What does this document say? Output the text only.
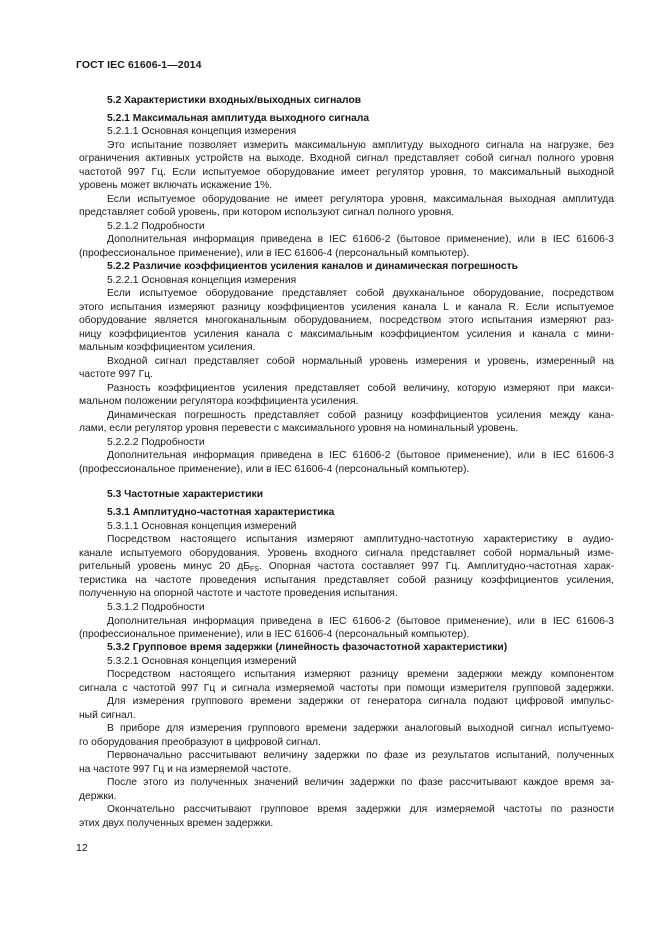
ГОСТ IEC 61606-1—2014
5.2 Характеристики входных/выходных сигналов
5.2.1 Максимальная амплитуда выходного сигнала
5.2.1.1 Основная концепция измерения
Это испытание позволяет измерить максимальную амплитуду выходного сигнала на нагрузке, без
ограничения активных устройств на выходе. Входной сигнал представляет собой сигнал полного уровня
частотой 997 Гц. Если испытуемое оборудование имеет регулятор уровня, то максимальный выходной
уровень может включать искажение 1%.
Если испытуемое оборудование не имеет регулятора уровня, максимальная выходная амплитуда
представляет собой уровень, при котором используют сигнал полного уровня.
5.2.1.2 Подробности
Дополнительная информация приведена в IEC 61606-2 (бытовое применение), или в IEC 61606-3
(профессиональное применение), или в IEC 61606-4 (персональный компьютер).
5.2.2 Различие коэффициентов усиления каналов и динамическая погрешность
5.2.2.1 Основная концепция измерения
Если испытуемое оборудование представляет собой двухканальное оборудование, посредством
этого испытания измеряют разницу коэффициентов усиления канала L и канала R. Если испытуемое
оборудование является многоканальным оборудованием, посредством этого испытания измеряют раз-
ницу коэффициентов усиления канала с максимальным коэффициентом усиления и канала с мини-
мальным коэффициентом усиления.
Входной сигнал представляет собой нормальный уровень измерения и уровень, измеренный на
частоте 997 Гц.
Разность коэффициентов усиления представляет собой величину, которую измеряют при макси-
мальном положении регулятора коэффициента усиления.
Динамическая погрешность представляет собой разницу коэффициентов усиления между кана-
лами, если регулятор уровня перевести с максимального уровня на номинальный уровень.
5.2.2.2 Подробности
Дополнительная информация приведена в IEC 61606-2 (бытовое применение), или в IEC 61606-3
(профессиональное применение), или в IEC 61606-4 (персональный компьютер).
5.3 Частотные характеристики
5.3.1 Амплитудно-частотная характеристика
5.3.1.1 Основная концепция измерений
Посредством настоящего испытания измеряют амплитудно-частотную характеристику в аудио-
канале испытуемого оборудования. Уровень входного сигнала представляет собой нормальный изме-
рительный уровень минус 20 $дБ_{FS}$. Опорная частота составляет 997 Гц. Амплитудно-частотная харак-
теристика на частоте проведения испытания представляет собой разницу коэффициентов усиления,
полученную на опорной частоте и частоте проведения испытания.
5.3.1.2 Подробности
Дополнительная информация приведена в IEC 61606-2 (бытовое применение), или в IEC 61606-3
(профессиональное применение), или в IEC 61606-4 (персональный компьютер).
5.3.2 Групповое время задержки (линейность фазочастотной характеристики)
5.3.2.1 Основная концепция измерений
Посредством настоящего испытания измеряют разницу времени задержки между компонентом
сигнала с частотой 997 Гц и сигнала измеряемой частоты при помощи измерителя групповой задержки.
Для измерения группового времени задержки от генератора сигнала подают цифровой импульс-
ный сигнал.
В приборе для измерения группового времени задержки аналоговый выходной сигнал испытуемо-
го оборудования преобразуют в цифровой сигнал.
Первоначально рассчитывают величину задержки по фазе из результатов испытаний, полученных
на частоте 997 Гц и на измеряемой частоте.
После этого из полученных значений величин задержки по фазе рассчитывают каждое время за-
держки.
Окончательно рассчитывают групповое время задержки для измеряемой частоты по разности
этих двух полученных времен задержки.
12
